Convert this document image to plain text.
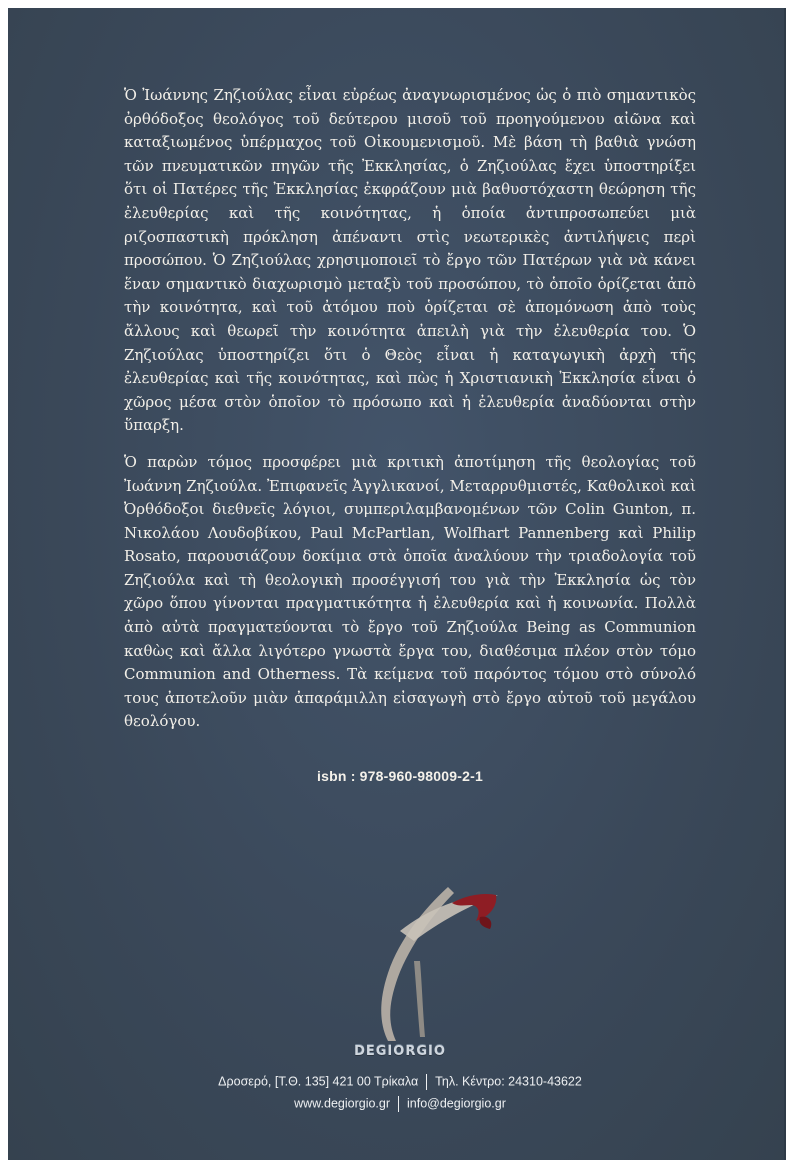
Ὁ Ἰωάννης Ζηζιούλας εἶναι εὐρέως ἀναγνωρισμένος ὡς ὁ πιὸ σημαντικὸς ὀρθόδοξος θεολόγος τοῦ δεύτερου μισοῦ τοῦ προηγούμενου αἰῶνα καὶ καταξιωμένος ὑπέρμαχος τοῦ Οἰκουμενισμοῦ. Μὲ βάση τὴ βαθιὰ γνώση τῶν πνευματικῶν πηγῶν τῆς Ἐκκλησίας, ὁ Ζηζιούλας ἔχει ὑποστηρίξει ὅτι οἱ Πατέρες τῆς Ἐκκλησίας ἐκφράζουν μιὰ βαθυστόχαστη θεώρηση τῆς ἐλευθερίας καὶ τῆς κοινότητας, ἡ ὁποία ἀντιπροσωπεύει μιὰ ριζοσπαστικὴ πρόκληση ἀπέναντι στὶς νεωτερικὲς ἀντιλήψεις περὶ προσώπου. Ὁ Ζηζιούλας χρησιμοποιεῖ τὸ ἔργο τῶν Πατέρων γιὰ νὰ κάνει ἕναν σημαντικὸ διαχωρισμὸ μεταξὺ τοῦ προσώπου, τὸ ὁποῖο ὁρίζεται ἀπὸ τὴν κοινότητα, καὶ τοῦ ἀτόμου ποὺ ὁρίζεται σὲ ἀπομόνωση ἀπὸ τοὺς ἄλλους καὶ θεωρεῖ τὴν κοινότητα ἀπειλὴ γιὰ τὴν ἐλευθερία του. Ὁ Ζηζιούλας ὑποστηρίζει ὅτι ὁ Θεὸς εἶναι ἡ καταγωγικὴ ἀρχὴ τῆς ἐλευθερίας καὶ τῆς κοινότητας, καὶ πὼς ἡ Χριστιανικὴ Ἐκκλησία εἶναι ὁ χῶρος μέσα στὸν ὁποῖον τὸ πρόσωπο καὶ ἡ ἐλευθερία ἀναδύονται στὴν ὕπαρξη.

Ὁ παρὼν τόμος προσφέρει μιὰ κριτικὴ ἀποτίμηση τῆς θεολογίας τοῦ Ἰωάννη Ζηζιούλα. Ἐπιφανεῖς Ἀγγλικανοί, Μεταρρυθμιστές, Καθολικοὶ καὶ Ὀρθόδοξοι διεθνεῖς λόγιοι, συμπεριλαμβανομένων τῶν Colin Gunton, π. Νικολάου Λουδοβίκου, Paul McPartlan, Wolfhart Pannenberg καὶ Philip Rosato, παρουσιάζουν δοκίμια στὰ ὁποῖα ἀναλύουν τὴν τριαδολογία τοῦ Ζηζιούλα καὶ τὴ θεολογικὴ προσέγγισή του γιὰ τὴν Ἐκκλησία ὡς τὸν χῶρο ὅπου γίνονται πραγματικότητα ἡ ἐλευθερία καὶ ἡ κοινωνία. Πολλὰ ἀπὸ αὐτὰ πραγματεύονται τὸ ἔργο τοῦ Ζηζιούλα Being as Communion καθὼς καὶ ἄλλα λιγότερο γνωστὰ ἔργα του, διαθέσιμα πλέον στὸν τόμο Communion and Otherness. Τὰ κείμενα τοῦ παρόντος τόμου στὸ σύνολό τους ἀποτελοῦν μιὰν ἀπαράμιλλη εἰσαγωγὴ στὸ ἔργο αὐτοῦ τοῦ μεγάλου θεολόγου.

isbn : 978-960-98009-2-1
DEGIORGIO
Δροσερό, [Τ.Θ. 135] 421 00 Τρίκαλα Τηλ. Κέντρο: 24310-43622
www.degiorgio.gr info@degiorgio.gr
